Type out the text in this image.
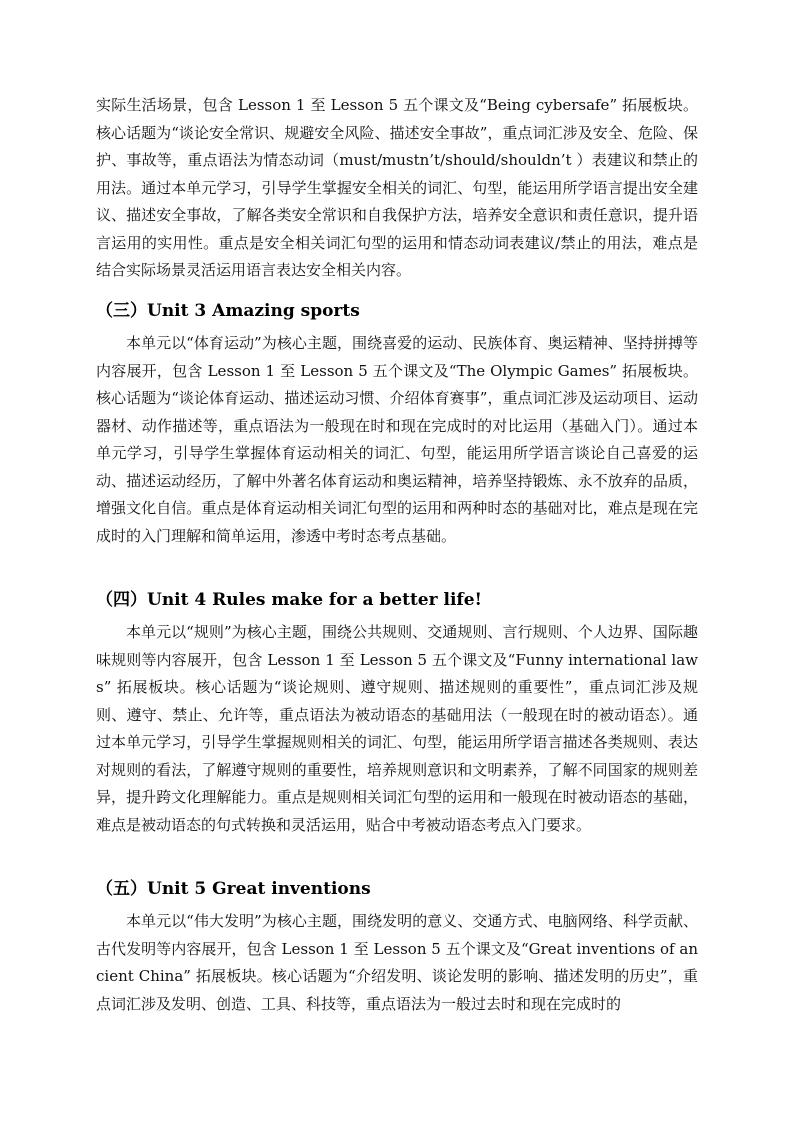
实际生活场景，包含 Lesson 1 至 Lesson 5 五个课文及“Being cybersafe” 拓展板块。核心话题为“谈论安全常识、规避安全风险、描述安全事故”，重点词汇涉及安全、危险、保护、事故等，重点语法为情态动词（must/mustn’t/should/shouldn’t ）表建议和禁止的用法。通过本单元学习，引导学生掌握安全相关的词汇、句型，能运用所学语言提出安全建议、描述安全事故，了解各类安全常识和自我保护方法，培养安全意识和责任意识，提升语言运用的实用性。重点是安全相关词汇句型的运用和情态动词表建议/禁止的用法，难点是结合实际场景灵活运用语言表达安全相关内容。

（三）Unit 3 Amazing sports

本单元以“体育运动”为核心主题，围绕喜爱的运动、民族体育、奥运精神、坚持拼搏等内容展开，包含 Lesson 1 至 Lesson 5 五个课文及“The Olympic Games” 拓展板块。核心话题为“谈论体育运动、描述运动习惯、介绍体育赛事”，重点词汇涉及运动项目、运动器材、动作描述等，重点语法为一般现在时和现在完成时的对比运用（基础入门）。通过本单元学习，引导学生掌握体育运动相关的词汇、句型，能运用所学语言谈论自己喜爱的运动、描述运动经历，了解中外著名体育运动和奥运精神，培养坚持锻炼、永不放弃的品质，增强文化自信。重点是体育运动相关词汇句型的运用和两种时态的基础对比，难点是现在完成时的入门理解和简单运用，渗透中考时态考点基础。

（四）Unit 4 Rules make for a better life!

本单元以“规则”为核心主题，围绕公共规则、交通规则、言行规则、个人边界、国际趣味规则等内容展开，包含 Lesson 1 至 Lesson 5 五个课文及“Funny international laws” 拓展板块。核心话题为“谈论规则、遵守规则、描述规则的重要性”，重点词汇涉及规则、遵守、禁止、允许等，重点语法为被动语态的基础用法（一般现在时的被动语态）。通过本单元学习，引导学生掌握规则相关的词汇、句型，能运用所学语言描述各类规则、表达对规则的看法，了解遵守规则的重要性，培养规则意识和文明素养，了解不同国家的规则差异，提升跨文化理解能力。重点是规则相关词汇句型的运用和一般现在时被动语态的基础，难点是被动语态的句式转换和灵活运用，贴合中考被动语态考点入门要求。

（五）Unit 5 Great inventions

本单元以“伟大发明”为核心主题，围绕发明的意义、交通方式、电脑网络、科学贡献、古代发明等内容展开，包含 Lesson 1 至 Lesson 5 五个课文及“Great inventions of ancient China” 拓展板块。核心话题为“介绍发明、谈论发明的影响、描述发明的历史”，重点词汇涉及发明、创造、工具、科技等，重点语法为一般过去时和现在完成时的
